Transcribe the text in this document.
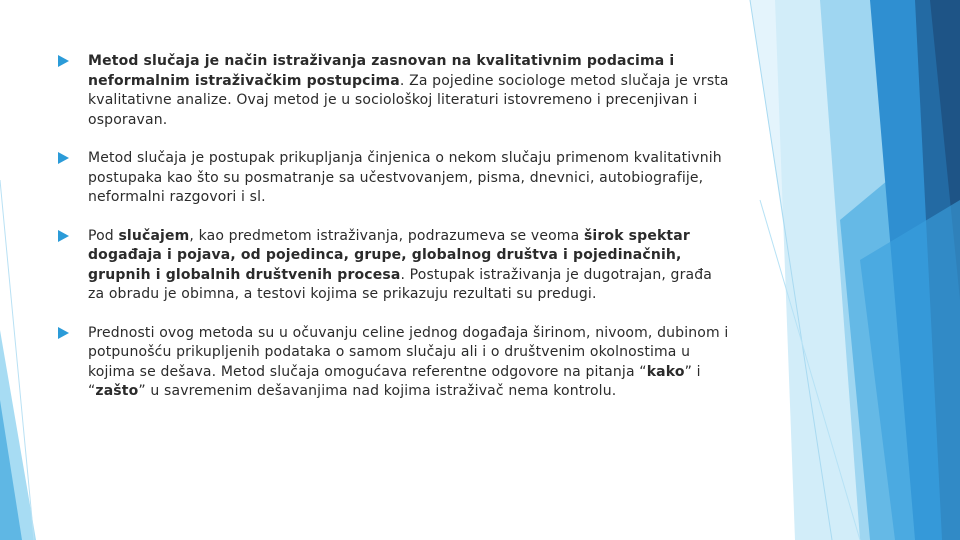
Metod slučaja je način istraživanja zasnovan na kvalitativnim podacima i neformalnim istraživačkim postupcima. Za pojedine sociologe metod slučaja je vrsta kvalitativne analize. Ovaj metod je u sociološkoj literaturi istovremeno i precenjivan i osporavan.
Metod slučaja je postupak prikupljanja činjenica o nekom slučaju primenom kvalitativnih postupaka kao što su posmatranje sa učestvovanjem, pisma, dnevnici, autobiografije, neformalni razgovori i sl.
Pod slučajem, kao predmetom istraživanja, podrazumeva se veoma širok spektar događaja i pojava, od pojedinca, grupe, globalnog društva i pojedinačnih, grupnih i globalnih društvenih procesa. Postupak istraživanja je dugotrajan, građa za obradu je obimna, a testovi kojima se prikazuju rezultati su predugi.
Prednosti ovog metoda su u očuvanju celine jednog događaja širinom, nivoom, dubinom i potpunošću prikupljenih podataka o samom slučaju ali i o društvenim okolnostima u kojima se dešava. Metod slučaja omogućava referentne odgovore na pitanja “kako” i “zašto” u savremenim dešavanjima nad kojima istraživač nema kontrolu.
